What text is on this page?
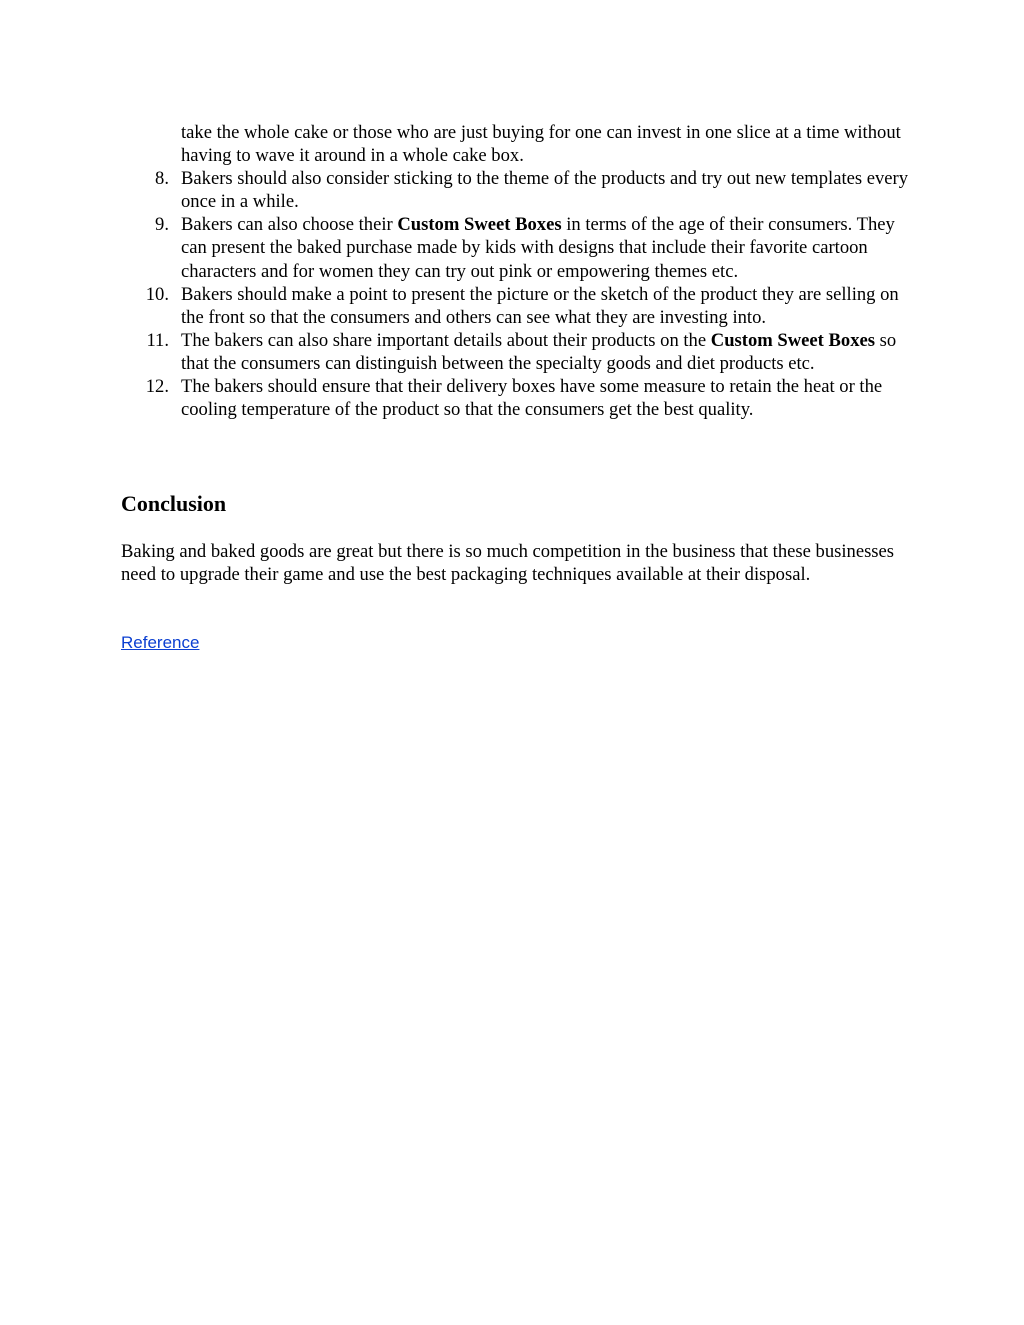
take the whole cake or those who are just buying for one can invest in one slice at a time without having to wave it around in a whole cake box.
8. Bakers should also consider sticking to the theme of the products and try out new templates every once in a while.
9. Bakers can also choose their Custom Sweet Boxes in terms of the age of their consumers. They can present the baked purchase made by kids with designs that include their favorite cartoon characters and for women they can try out pink or empowering themes etc.
10. Bakers should make a point to present the picture or the sketch of the product they are selling on the front so that the consumers and others can see what they are investing into.
11. The bakers can also share important details about their products on the Custom Sweet Boxes so that the consumers can distinguish between the specialty goods and diet products etc.
12. The bakers should ensure that their delivery boxes have some measure to retain the heat or the cooling temperature of the product so that the consumers get the best quality.
Conclusion

Baking and baked goods are great but there is so much competition in the business that these businesses need to upgrade their game and use the best packaging techniques available at their disposal.

Reference
